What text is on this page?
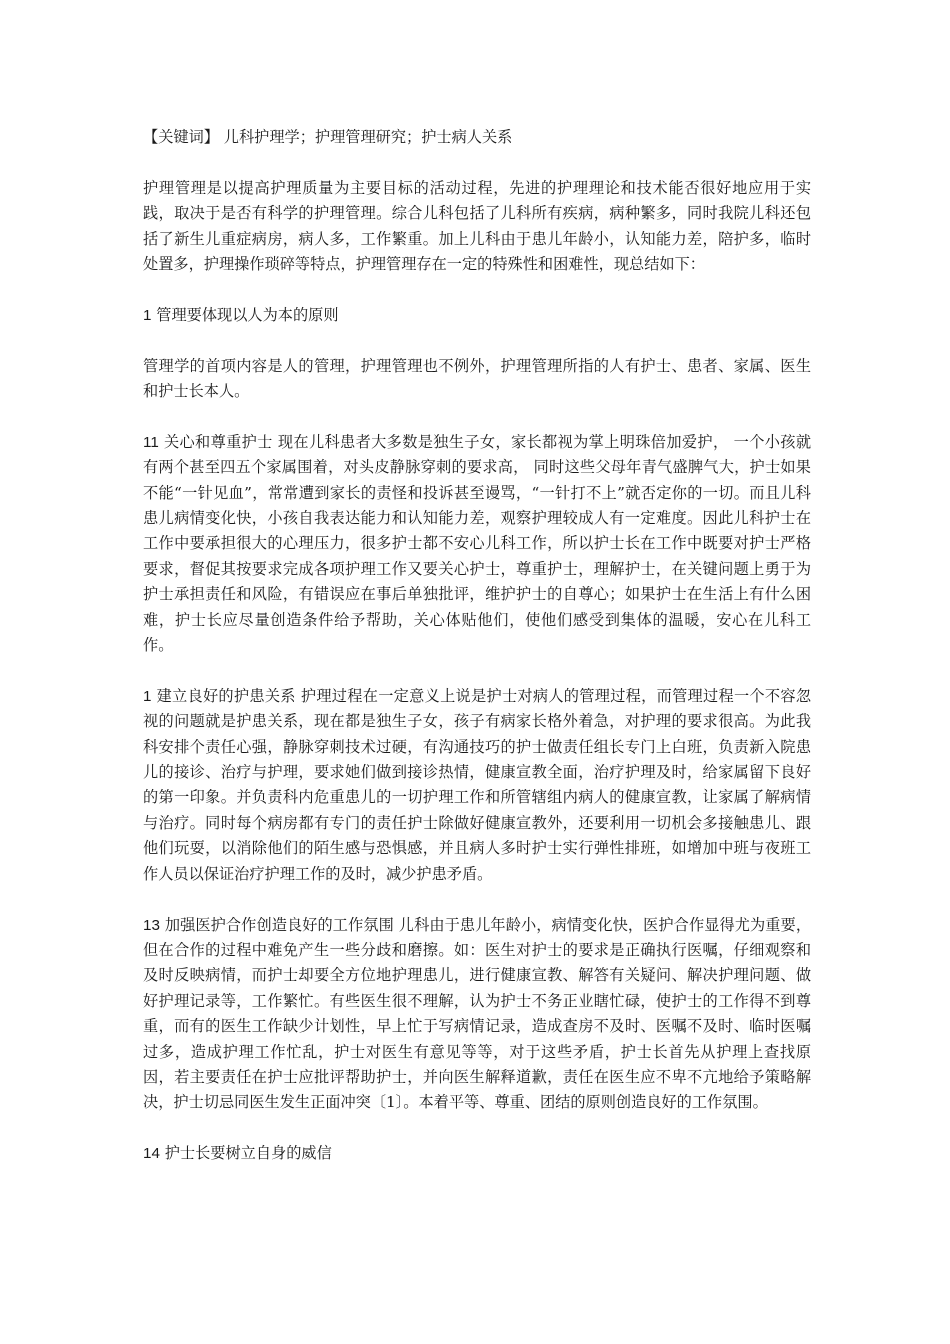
【关键词】 儿科护理学；护理管理研究；护士病人关系

护理管理是以提高护理质量为主要目标的活动过程，先进的护理理论和技术能否很好地应用于实践，取决于是否有科学的护理管理。综合儿科包括了儿科所有疾病，病种繁多，同时我院儿科还包括了新生儿重症病房，病人多，工作繁重。加上儿科由于患儿年龄小，认知能力差，陪护多，临时处置多，护理操作琐碎等特点，护理管理存在一定的特殊性和困难性，现总结如下：

1 管理要体现以人为本的原则

管理学的首项内容是人的管理，护理管理也不例外，护理管理所指的人有护士、患者、家属、医生和护士长本人。

11 关心和尊重护士 现在儿科患者大多数是独生子女，家长都视为掌上明珠倍加爱护， 一个小孩就有两个甚至四五个家属围着，对头皮静脉穿刺的要求高， 同时这些父母年青气盛脾气大，护士如果不能“一针见血”，常常遭到家长的责怪和投诉甚至谩骂，“一针打不上”就否定你的一切。而且儿科患儿病情变化快，小孩自我表达能力和认知能力差，观察护理较成人有一定难度。因此儿科护士在工作中要承担很大的心理压力，很多护士都不安心儿科工作，所以护士长在工作中既要对护士严格要求，督促其按要求完成各项护理工作又要关心护士，尊重护士，理解护士，在关键问题上勇于为护士承担责任和风险，有错误应在事后单独批评，维护护士的自尊心；如果护士在生活上有什么困难，护士长应尽量创造条件给予帮助，关心体贴他们，使他们感受到集体的温暖，安心在儿科工作。

1 建立良好的护患关系 护理过程在一定意义上说是护士对病人的管理过程，而管理过程一个不容忽视的问题就是护患关系，现在都是独生子女，孩子有病家长格外着急，对护理的要求很高。为此我科安排个责任心强，静脉穿刺技术过硬，有沟通技巧的护士做责任组长专门上白班，负责新入院患儿的接诊、治疗与护理，要求她们做到接诊热情，健康宣教全面，治疗护理及时，给家属留下良好的第一印象。并负责科内危重患儿的一切护理工作和所管辖组内病人的健康宣教，让家属了解病情与治疗。同时每个病房都有专门的责任护士除做好健康宣教外，还要利用一切机会多接触患儿、跟他们玩耍，以消除他们的陌生感与恐惧感，并且病人多时护士实行弹性排班，如增加中班与夜班工作人员以保证治疗护理工作的及时，减少护患矛盾。

13 加强医护合作创造良好的工作氛围 儿科由于患儿年龄小，病情变化快，医护合作显得尤为重要，但在合作的过程中难免产生一些分歧和磨擦。如：医生对护士的要求是正确执行医嘱，仔细观察和及时反映病情，而护士却要全方位地护理患儿，进行健康宣教、解答有关疑问、解决护理问题、做好护理记录等，工作繁忙。有些医生很不理解，认为护士不务正业瞎忙碌，使护士的工作得不到尊重，而有的医生工作缺少计划性，早上忙于写病情记录，造成查房不及时、医嘱不及时、临时医嘱过多，造成护理工作忙乱，护士对医生有意见等等，对于这些矛盾，护士长首先从护理上查找原因，若主要责任在护士应批评帮助护士，并向医生解释道歉，责任在医生应不卑不亢地给予策略解决，护士切忌同医生发生正面冲突〔1〕。本着平等、尊重、团结的原则创造良好的工作氛围。

14 护士长要树立自身的威信
